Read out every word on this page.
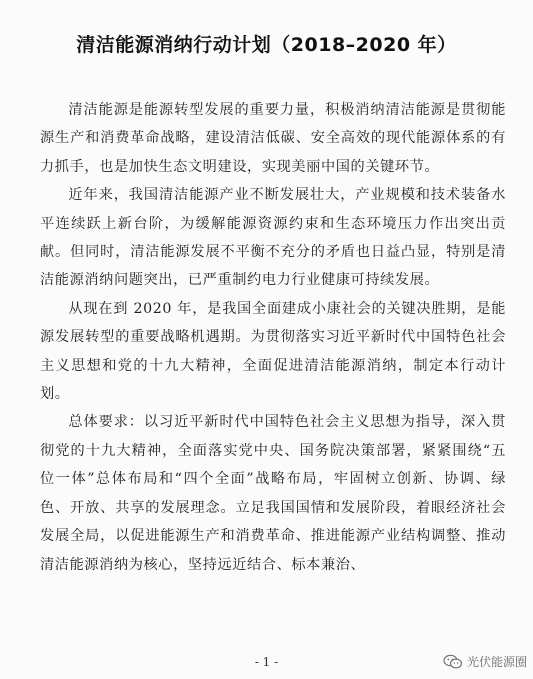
清洁能源消纳行动计划（2018–2020 年）

清洁能源是能源转型发展的重要力量，积极消纳清洁能源是贯彻能源生产和消费革命战略，建设清洁低碳、安全高效的现代能源体系的有力抓手，也是加快生态文明建设，实现美丽中国的关键环节。

近年来，我国清洁能源产业不断发展壮大，产业规模和技术装备水平连续跃上新台阶，为缓解能源资源约束和生态环境压力作出突出贡献。但同时，清洁能源发展不平衡不充分的矛盾也日益凸显，特别是清洁能源消纳问题突出，已严重制约电力行业健康可持续发展。

从现在到 2020 年，是我国全面建成小康社会的关键决胜期，是能源发展转型的重要战略机遇期。为贯彻落实习近平新时代中国特色社会主义思想和党的十九大精神，全面促进清洁能源消纳，制定本行动计划。

总体要求：以习近平新时代中国特色社会主义思想为指导，深入贯彻党的十九大精神，全面落实党中央、国务院决策部署，紧紧围绕“五位一体”总体布局和“四个全面”战略布局，牢固树立创新、协调、绿色、开放、共享的发展理念。立足我国国情和发展阶段，着眼经济社会发展全局，以促进能源生产和消费革命、推进能源产业结构调整、推动清洁能源消纳为核心，坚持远近结合、标本兼治、

- 1 -	光伏能源圈
